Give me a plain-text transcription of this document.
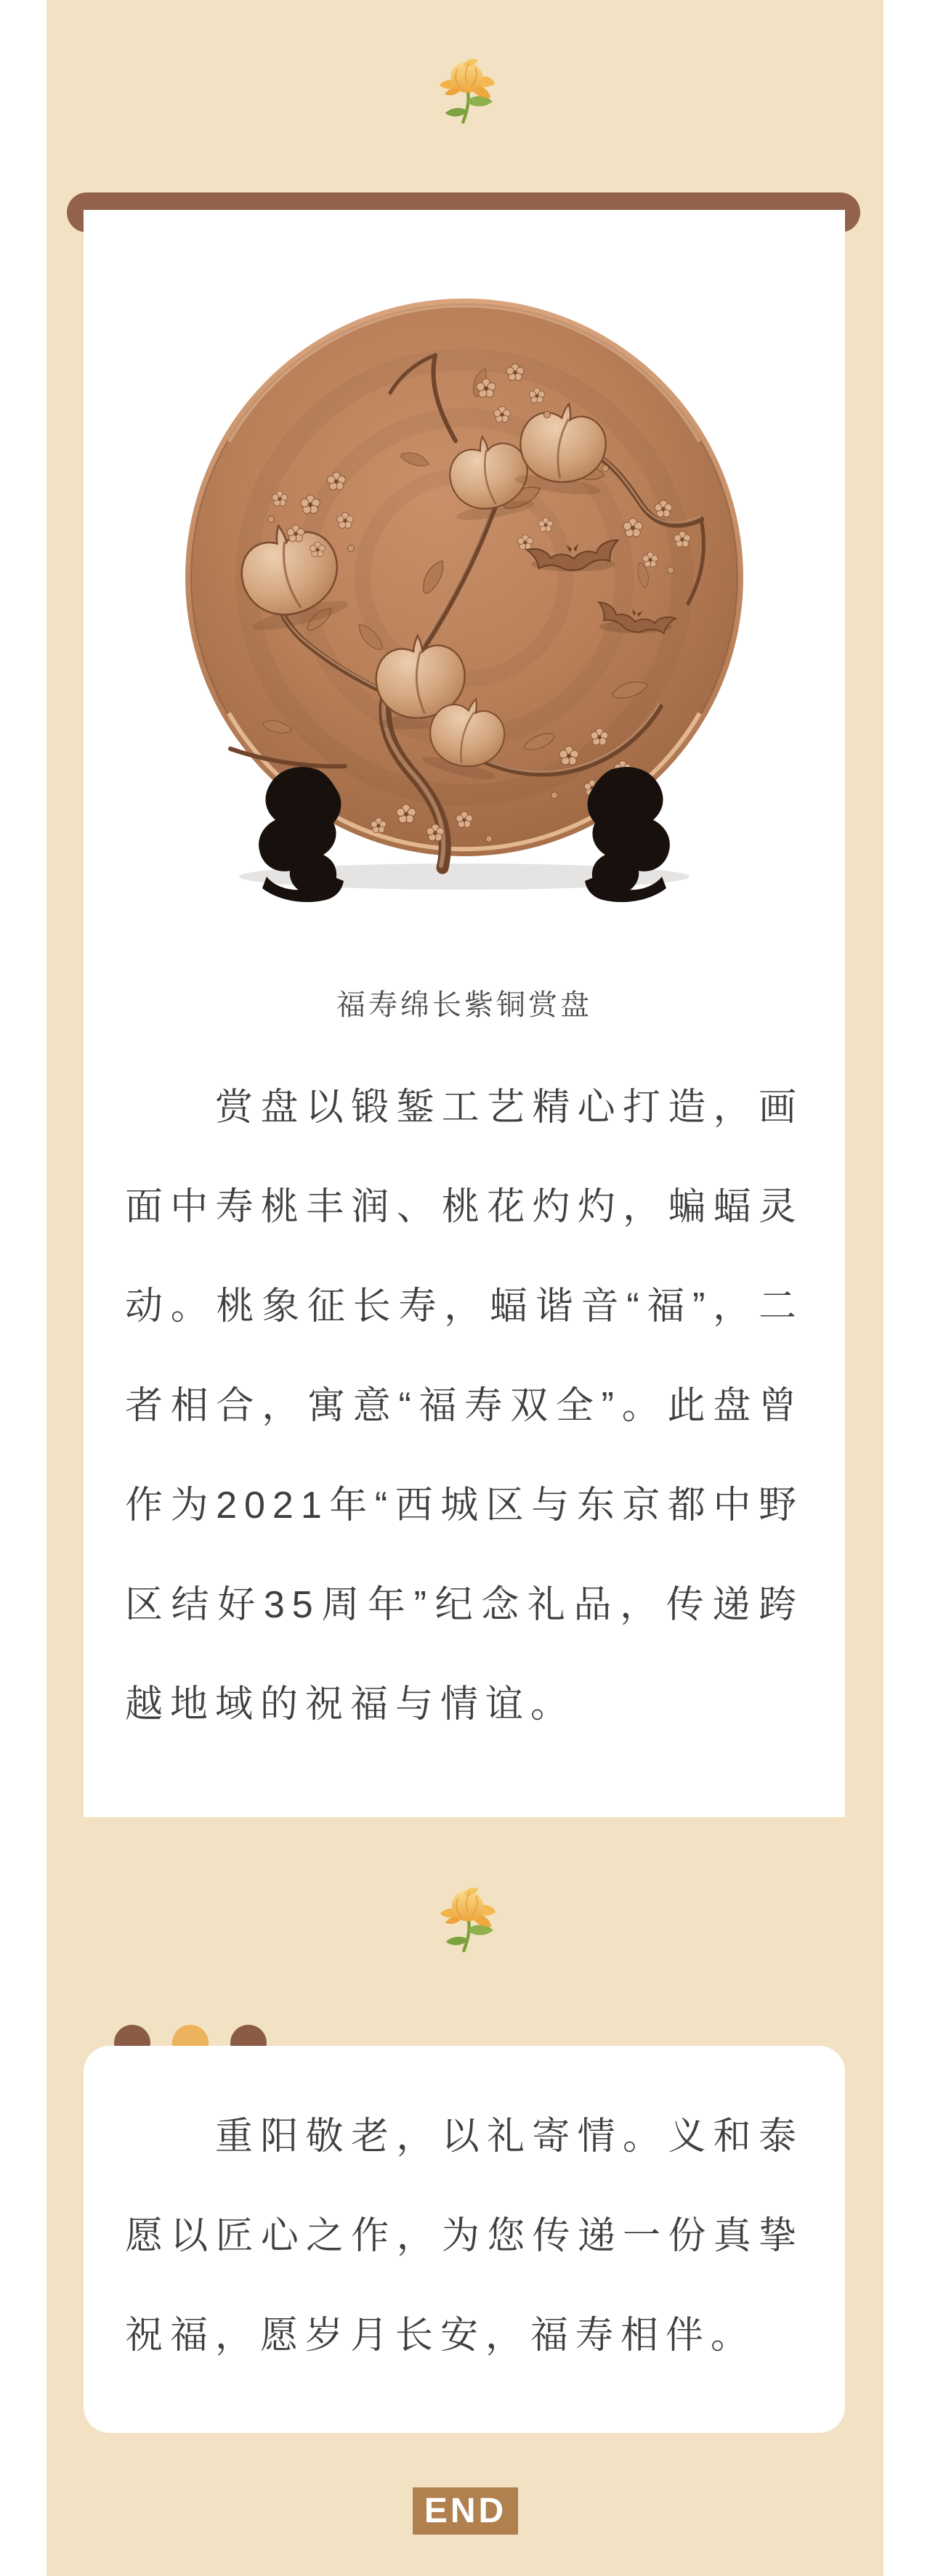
福寿绵长紫铜赏盘

赏盘以锻錾工艺精心打造，画面中寿桃丰润、桃花灼灼，蝙蝠灵动。桃象征长寿，蝠谐音“福”，二者相合，寓意“福寿双全”。此盘曾作为2021年“西城区与东京都中野区结好35周年”纪念礼品，传递跨越地域的祝福与情谊。

重阳敬老，以礼寄情。义和泰愿以匠心之作，为您传递一份真挚祝福，愿岁月长安，福寿相伴。

END
